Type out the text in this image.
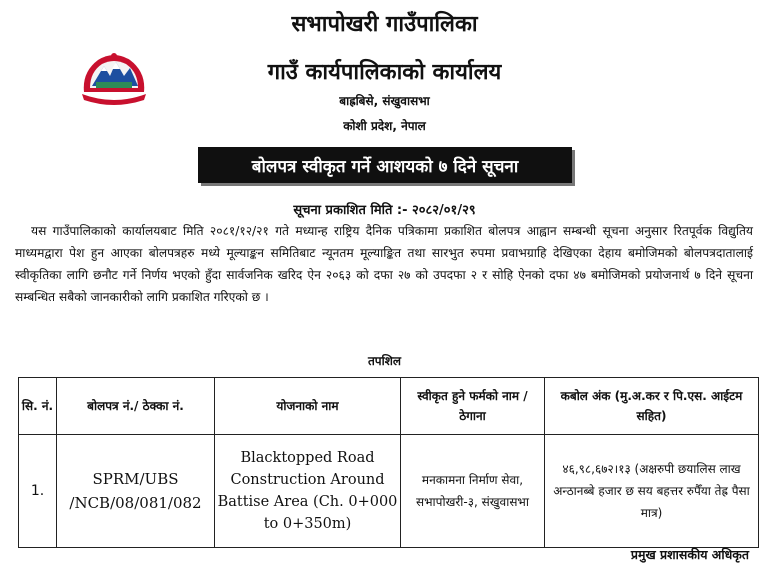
सभापोखरी गाउँपालिका
गाउँ कार्यपालिकाको कार्यालय
बाह्रबिसे, संखुवासभा
कोशी प्रदेश, नेपाल
बोलपत्र स्वीकृत गर्ने आशयको ७ दिने सूचना
सूचना प्रकाशित मिति :- २०८२/०१/२९
यस गाउँपालिकाको कार्यालयबाट मिति २०८१/१२/२१ गते मध्यान्ह राष्ट्रिय दैनिक पत्रिकामा प्रकाशित बोलपत्र आह्वान सम्बन्धी सूचना अनुसार रितपूर्वक विद्युतिय माध्यमद्वारा पेश हुन आएका बोलपत्रहरु मध्ये मूल्याङ्कन समितिबाट न्यूनतम मूल्याङ्कित तथा सारभुत रुपमा प्रवाभग्राहि देखिएका देहाय बमोजिमको बोलपत्रदातालाई स्वीकृतिका लागि छनौट गर्ने निर्णय भएको हुँदा सार्वजनिक खरिद ऐन २०६३ को दफा २७ को उपदफा २ र सोहि ऐनको दफा ४७ बमोजिमको प्रयोजनार्थ ७ दिने सूचना सम्बन्धित सबैको जानकारीको लागि प्रकाशित गरिएको छ ।
तपशिल
सि. नं.	बोलपत्र नं./ ठेक्का नं.	योजनाको नाम	स्वीकृत हुने फर्मको नाम / ठेगाना	कबोल अंक (मु.अ.कर र पि.एस. आईटम सहित)
1.	SPRM/UBS /NCB/08/081/082	Blacktopped Road Construction Around Battise Area (Ch. 0+000 to 0+350m)	मनकामना निर्माण सेवा, सभापोखरी-३, संखुवासभा	४६,९८,६७२।१३ (अक्षरुपी छयालिस लाख अन्ठानब्बे हजार छ सय बहत्तर रुपैँया तेह्र पैसा मात्र)
प्रमुख प्रशासकीय अधिकृत
